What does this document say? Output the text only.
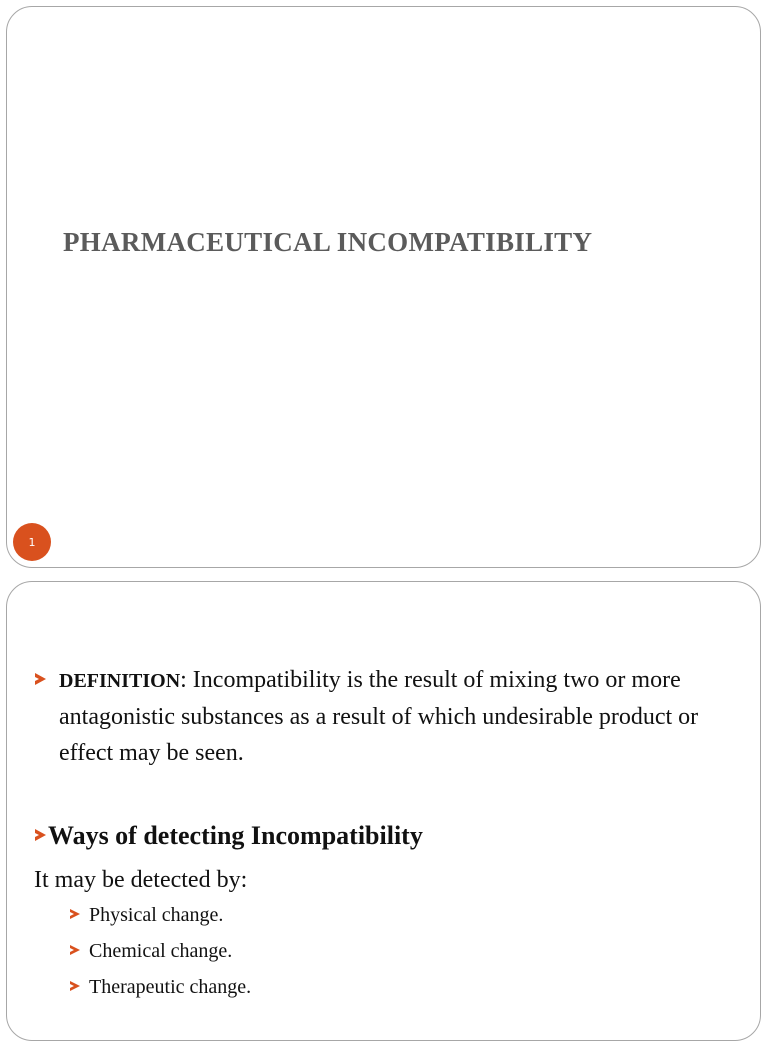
PHARMACEUTICAL INCOMPATIBILITY
1
DEFINITION: Incompatibility is the result of mixing two or more antagonistic substances as a result of which undesirable product or effect may be seen.
Ways of detecting Incompatibility
It may be detected by:
Physical change.
Chemical change.
Therapeutic change.
